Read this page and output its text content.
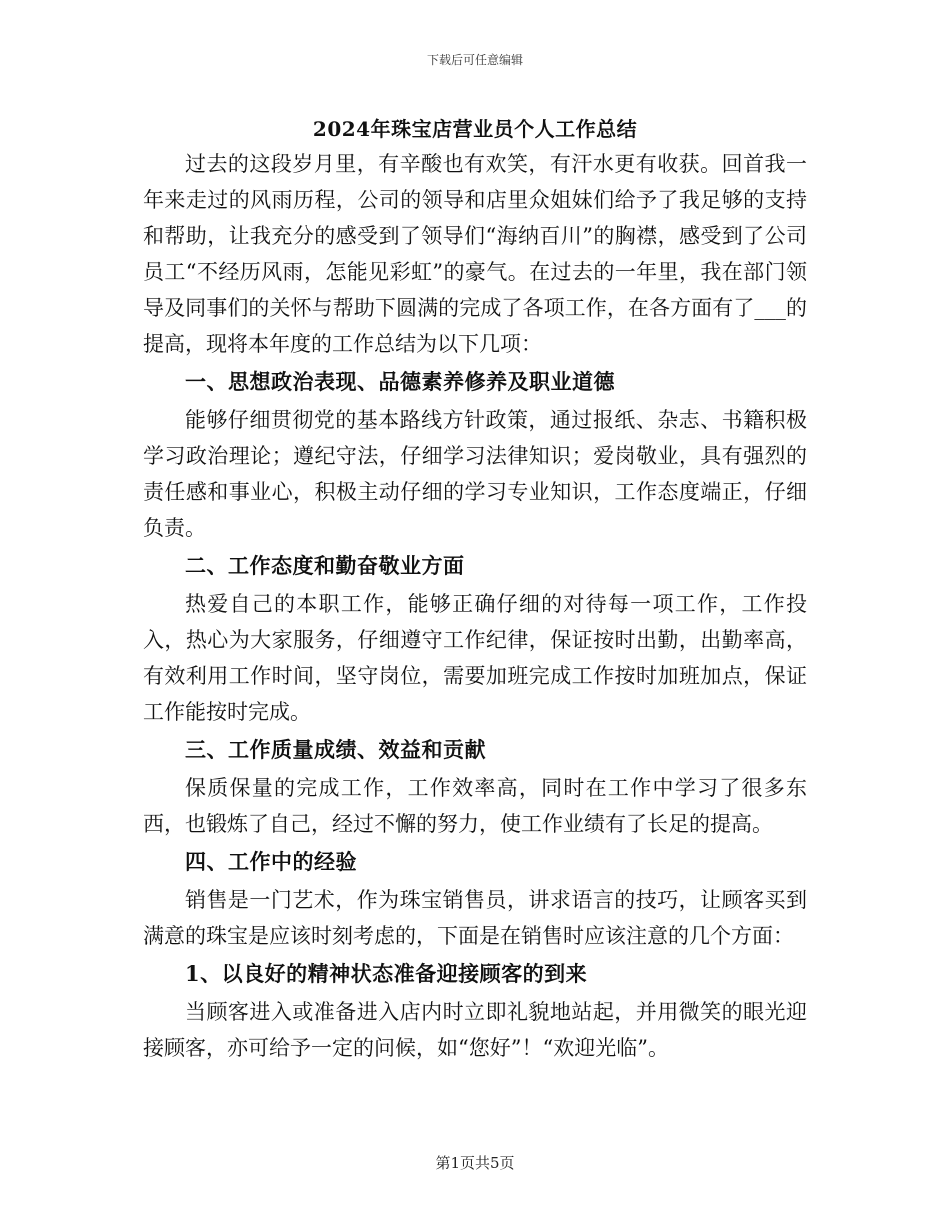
下载后可任意编辑
2024年珠宝店营业员个人工作总结

过去的这段岁月里，有辛酸也有欢笑，有汗水更有收获。回首我一年来走过的风雨历程，公司的领导和店里众姐妹们给予了我足够的支持和帮助，让我充分的感受到了领导们“海纳百川”的胸襟，感受到了公司员工“不经历风雨，怎能见彩虹”的豪气。在过去的一年里，我在部门领导及同事们的关怀与帮助下圆满的完成了各项工作，在各方面有了___的提高，现将本年度的工作总结为以下几项：

一、思想政治表现、品德素养修养及职业道德

能够仔细贯彻党的基本路线方针政策，通过报纸、杂志、书籍积极学习政治理论；遵纪守法，仔细学习法律知识；爱岗敬业，具有强烈的责任感和事业心，积极主动仔细的学习专业知识，工作态度端正，仔细负责。

二、工作态度和勤奋敬业方面

热爱自己的本职工作，能够正确仔细的对待每一项工作，工作投入，热心为大家服务，仔细遵守工作纪律，保证按时出勤，出勤率高，有效利用工作时间，坚守岗位，需要加班完成工作按时加班加点，保证工作能按时完成。

三、工作质量成绩、效益和贡献

保质保量的完成工作，工作效率高，同时在工作中学习了很多东西，也锻炼了自己，经过不懈的努力，使工作业绩有了长足的提高。

四、工作中的经验

销售是一门艺术，作为珠宝销售员，讲求语言的技巧，让顾客买到满意的珠宝是应该时刻考虑的，下面是在销售时应该注意的几个方面：

1、以良好的精神状态准备迎接顾客的到来

当顾客进入或准备进入店内时立即礼貌地站起，并用微笑的眼光迎接顾客，亦可给予一定的问候，如“您好”！“欢迎光临”。

第1页共5页
